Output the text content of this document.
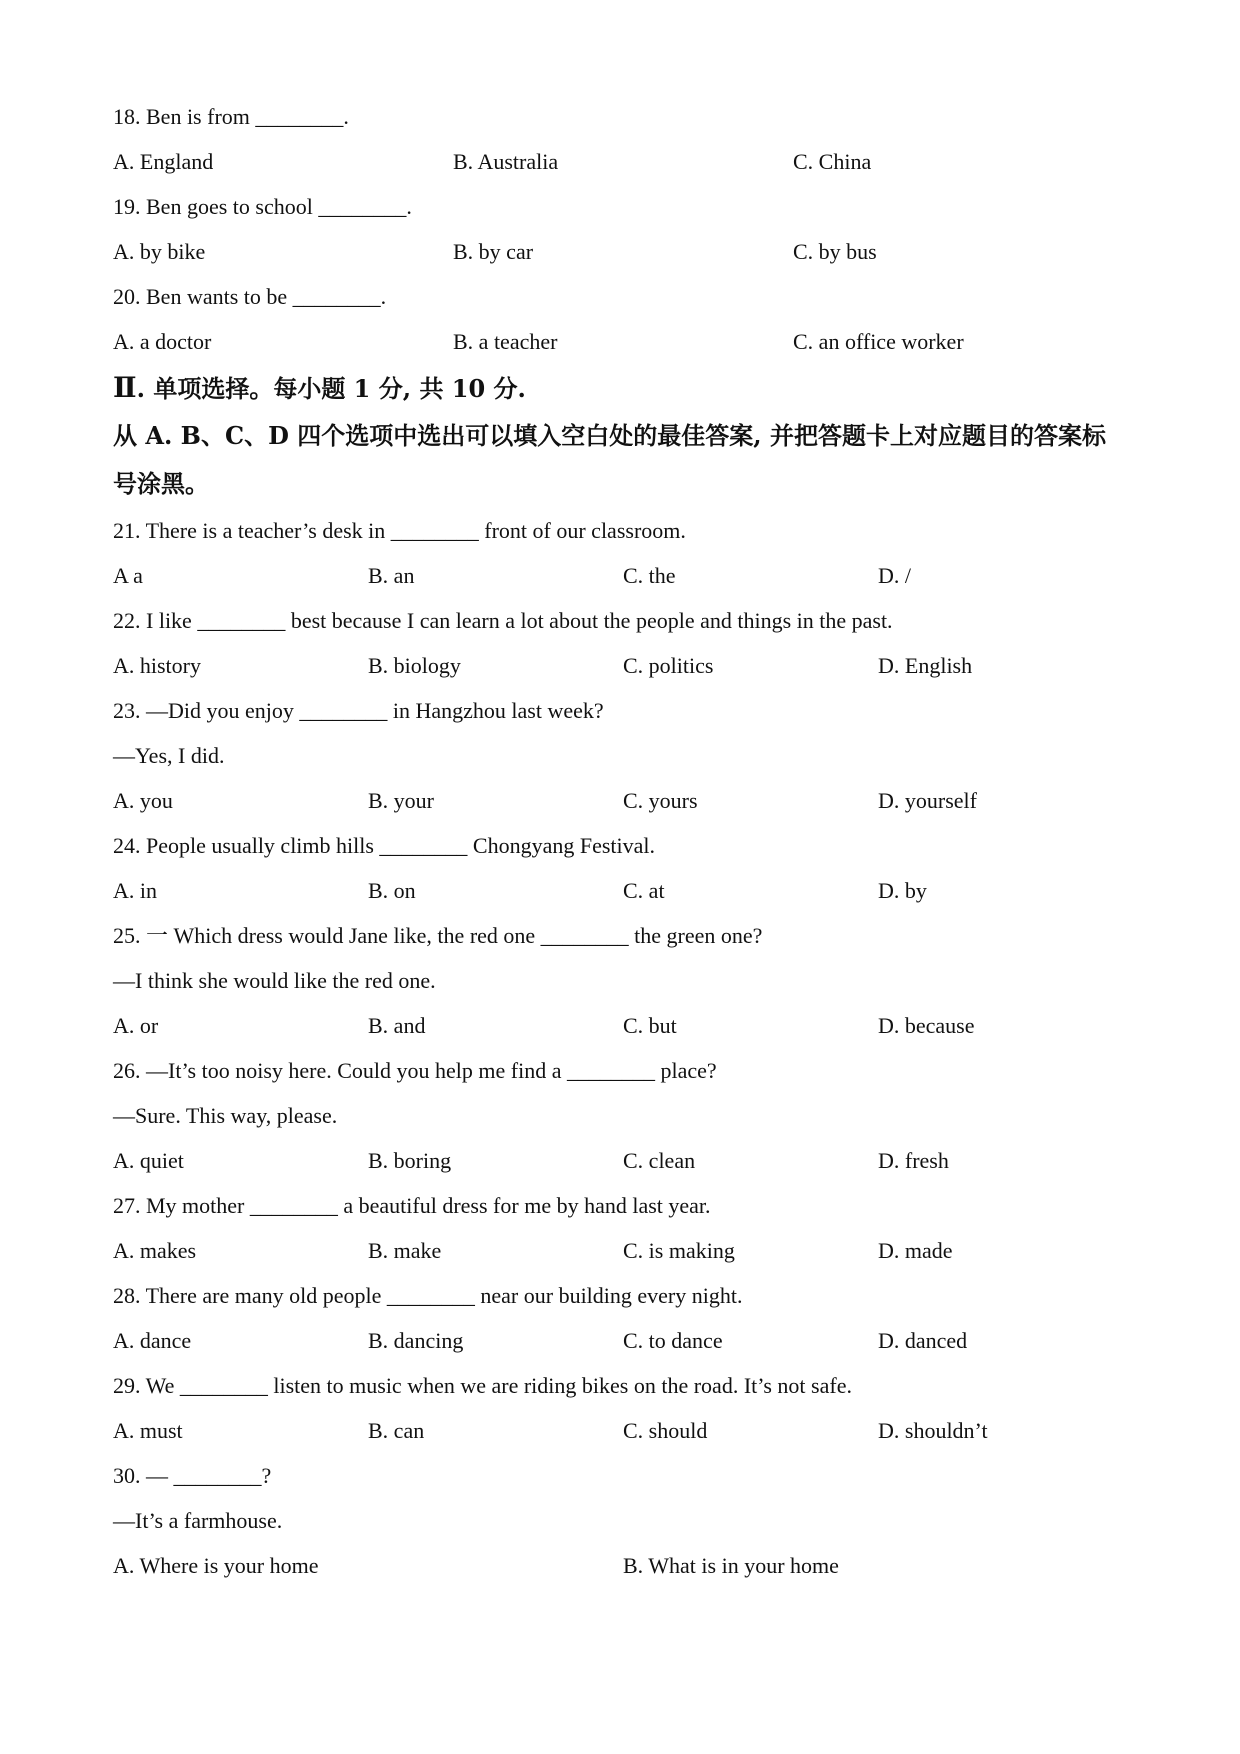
18. Ben is from ________.
A. England	B. Australia	C. China
19. Ben goes to school ________.
A. by bike	B. by car	C. by bus
20. Ben wants to be ________.
A. a doctor	B. a teacher	C. an office worker
Ⅱ. 单项选择。每小题 1 分, 共 10 分.
从 A. B、C、D 四个选项中选出可以填入空白处的最佳答案, 并把答题卡上对应题目的答案标
号涂黑。
21. There is a teacher’s desk in ________ front of our classroom.
A a	B. an	C. the	D. /
22. I like ________ best because I can learn a lot about the people and things in the past.
A. history	B. biology	C. politics	D. English
23. —Did you enjoy ________ in Hangzhou last week?
—Yes, I did.
A. you	B. your	C. yours	D. yourself
24. People usually climb hills ________ Chongyang Festival.
A. in	B. on	C. at	D. by
25. 一 Which dress would Jane like, the red one ________ the green one?
—I think she would like the red one.
A. or	B. and	C. but	D. because
26. —It’s too noisy here. Could you help me find a ________ place?
—Sure. This way, please.
A. quiet	B. boring	C. clean	D. fresh
27. My mother ________ a beautiful dress for me by hand last year.
A. makes	B. make	C. is making	D. made
28. There are many old people ________ near our building every night.
A. dance	B. dancing	C. to dance	D. danced
29. We ________ listen to music when we are riding bikes on the road. It’s not safe.
A. must	B. can	C. should	D. shouldn’t
30. — ________?
—It’s a farmhouse.
A. Where is your home	B. What is in your home
